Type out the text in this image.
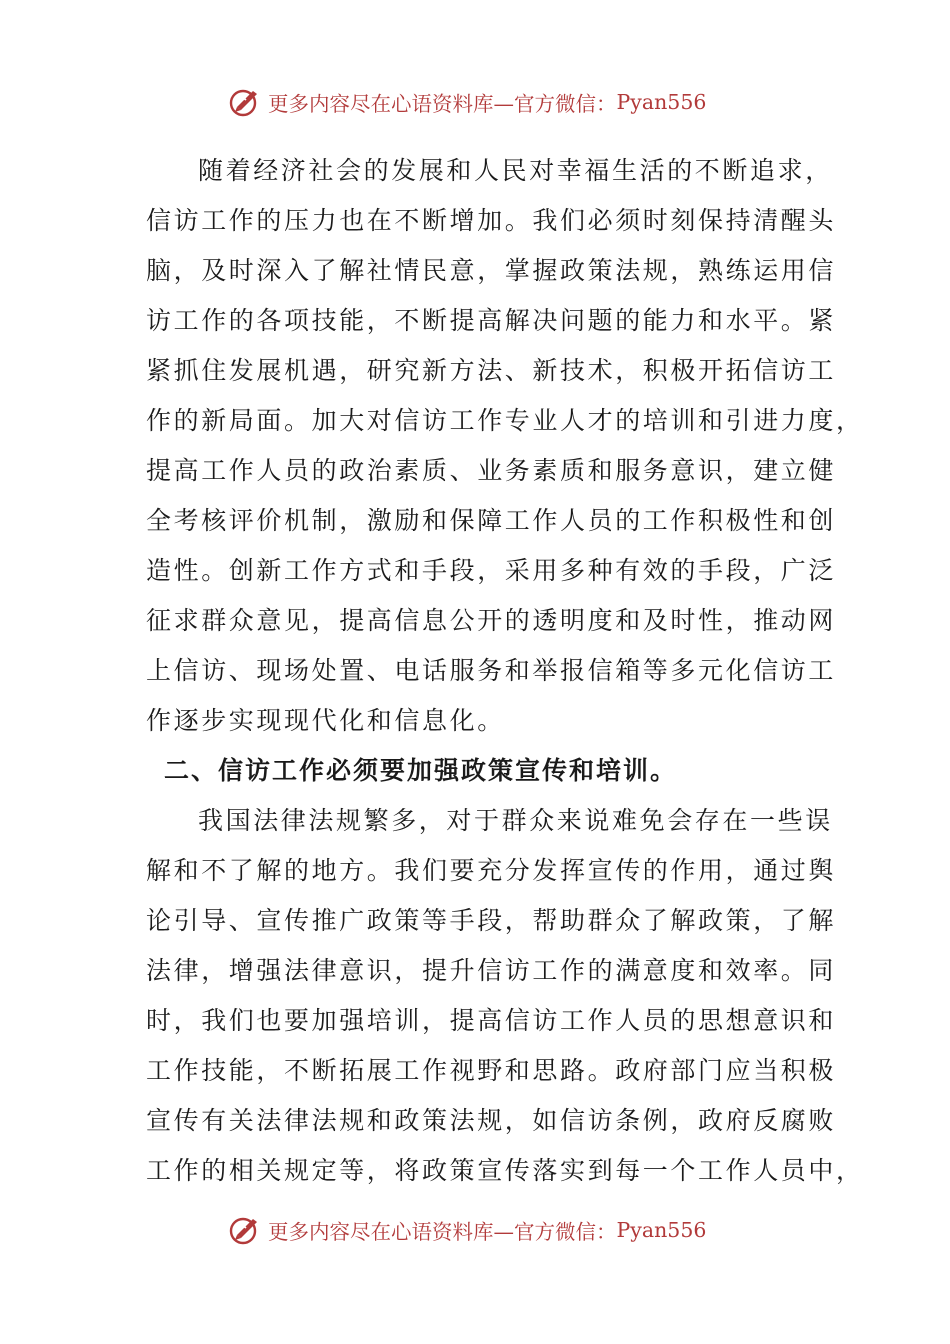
更多内容尽在心语资料库—官方微信： Pyan556
随着经济社会的发展和人民对幸福生活的不断追求，
信访工作的压力也在不断增加。我们必须时刻保持清醒头
脑，及时深入了解社情民意，掌握政策法规，熟练运用信
访工作的各项技能，不断提高解决问题的能力和水平。紧
紧抓住发展机遇，研究新方法、新技术，积极开拓信访工
作的新局面。加大对信访工作专业人才的培训和引进力度，
提高工作人员的政治素质、业务素质和服务意识，建立健
全考核评价机制，激励和保障工作人员的工作积极性和创
造性。创新工作方式和手段，采用多种有效的手段，广泛
征求群众意见，提高信息公开的透明度和及时性，推动网
上信访、现场处置、电话服务和举报信箱等多元化信访工
作逐步实现现代化和信息化。
二、信访工作必须要加强政策宣传和培训。
我国法律法规繁多，对于群众来说难免会存在一些误
解和不了解的地方。我们要充分发挥宣传的作用，通过舆
论引导、宣传推广政策等手段，帮助群众了解政策，了解
法律，增强法律意识，提升信访工作的满意度和效率。同
时，我们也要加强培训，提高信访工作人员的思想意识和
工作技能，不断拓展工作视野和思路。政府部门应当积极
宣传有关法律法规和政策法规，如信访条例，政府反腐败
工作的相关规定等，将政策宣传落实到每一个工作人员中，
更多内容尽在心语资料库—官方微信： Pyan556
